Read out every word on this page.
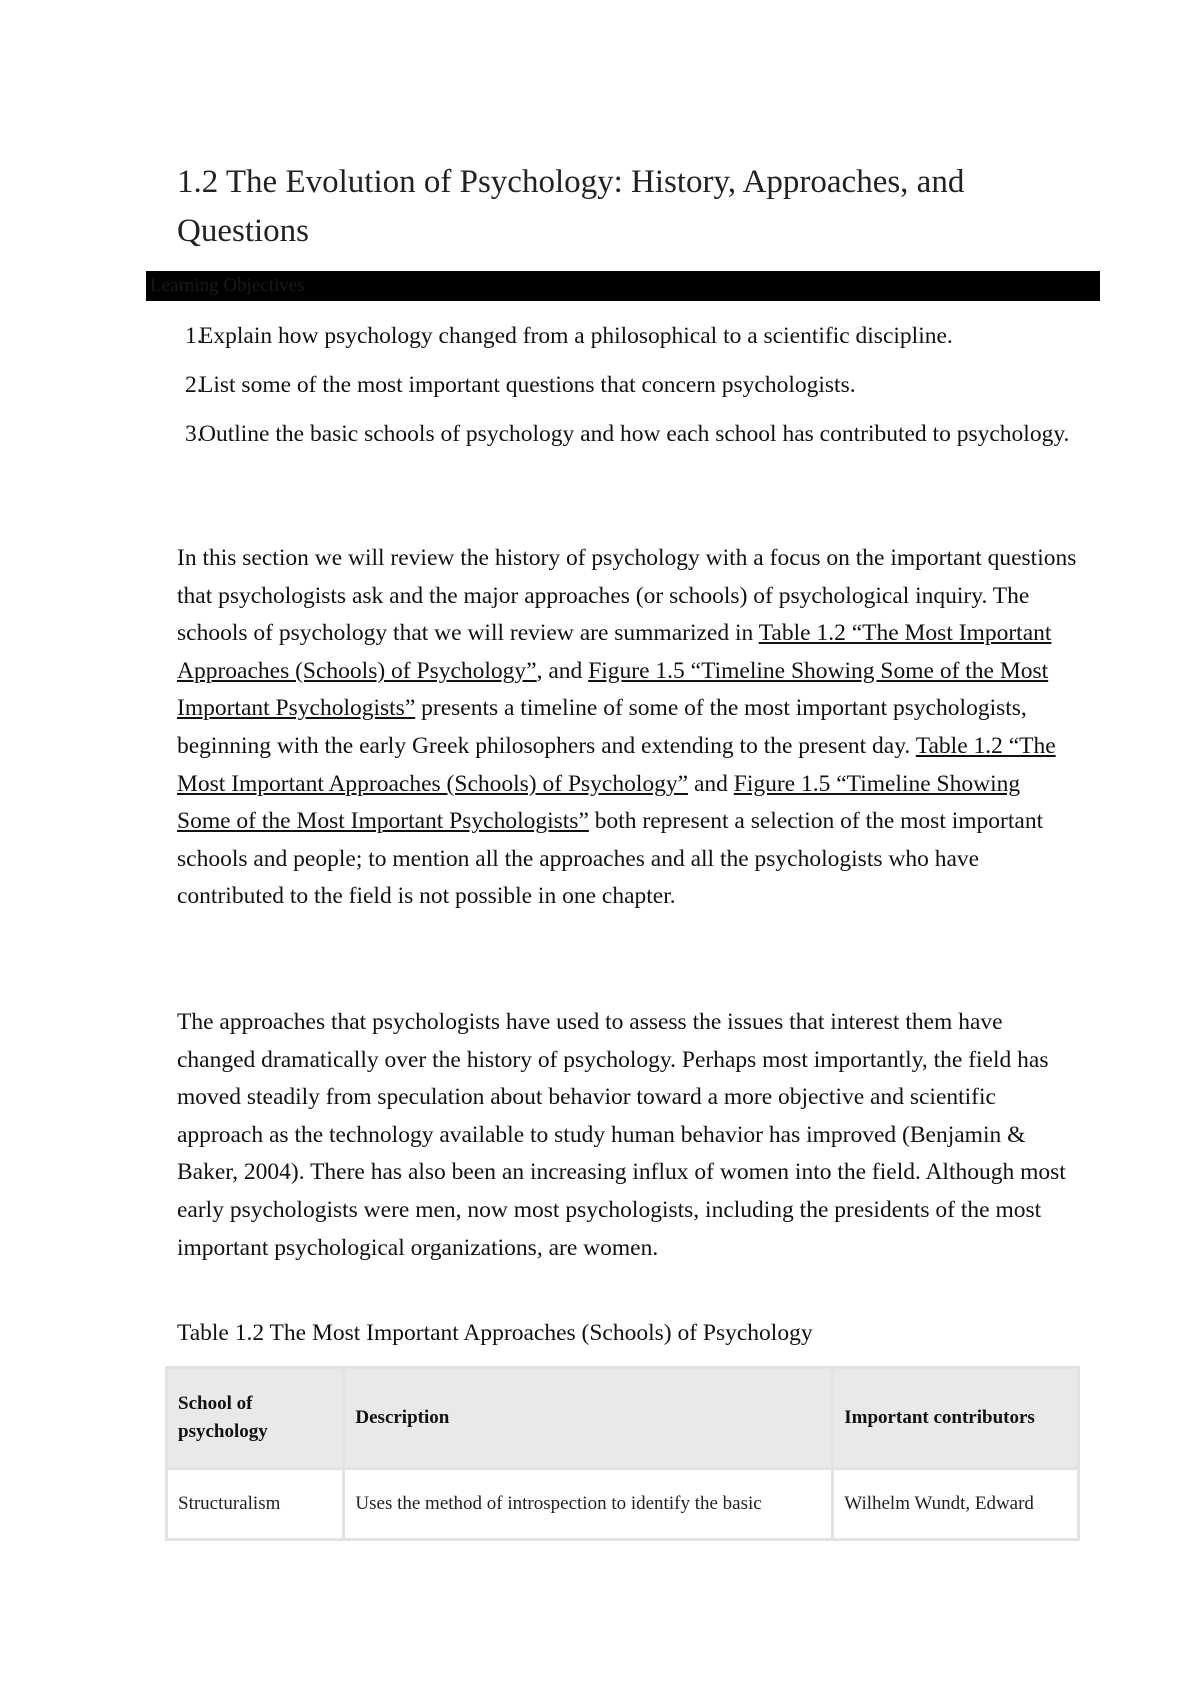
1.2 The Evolution of Psychology: History, Approaches, and Questions
Learning Objectives
1.
Explain how psychology changed from a philosophical to a scientific discipline.
2.
List some of the most important questions that concern psychologists.
3.
Outline the basic schools of psychology and how each school has contributed to psychology.

In this section we will review the history of psychology with a focus on the important questions that psychologists ask and the major approaches (or schools) of psychological inquiry. The schools of psychology that we will review are summarized in Table 1.2 “The Most Important Approaches (Schools) of Psychology”, and Figure 1.5 “Timeline Showing Some of the Most Important Psychologists” presents a timeline of some of the most important psychologists, beginning with the early Greek philosophers and extending to the present day. Table 1.2 “The Most Important Approaches (Schools) of Psychology” and Figure 1.5 “Timeline Showing Some of the Most Important Psychologists” both represent a selection of the most important schools and people; to mention all the approaches and all the psychologists who have contributed to the field is not possible in one chapter.

The approaches that psychologists have used to assess the issues that interest them have changed dramatically over the history of psychology. Perhaps most importantly, the field has moved steadily from speculation about behavior toward a more objective and scientific approach as the technology available to study human behavior has improved (Benjamin & Baker, 2004). There has also been an increasing influx of women into the field. Although most early psychologists were men, now most psychologists, including the presidents of the most important psychological organizations, are women.

Table 1.2 The Most Important Approaches (Schools) of Psychology

School of psychology	Description	Important contributors
Structuralism	Uses the method of introspection to identify the basic	Wilhelm Wundt, Edward
